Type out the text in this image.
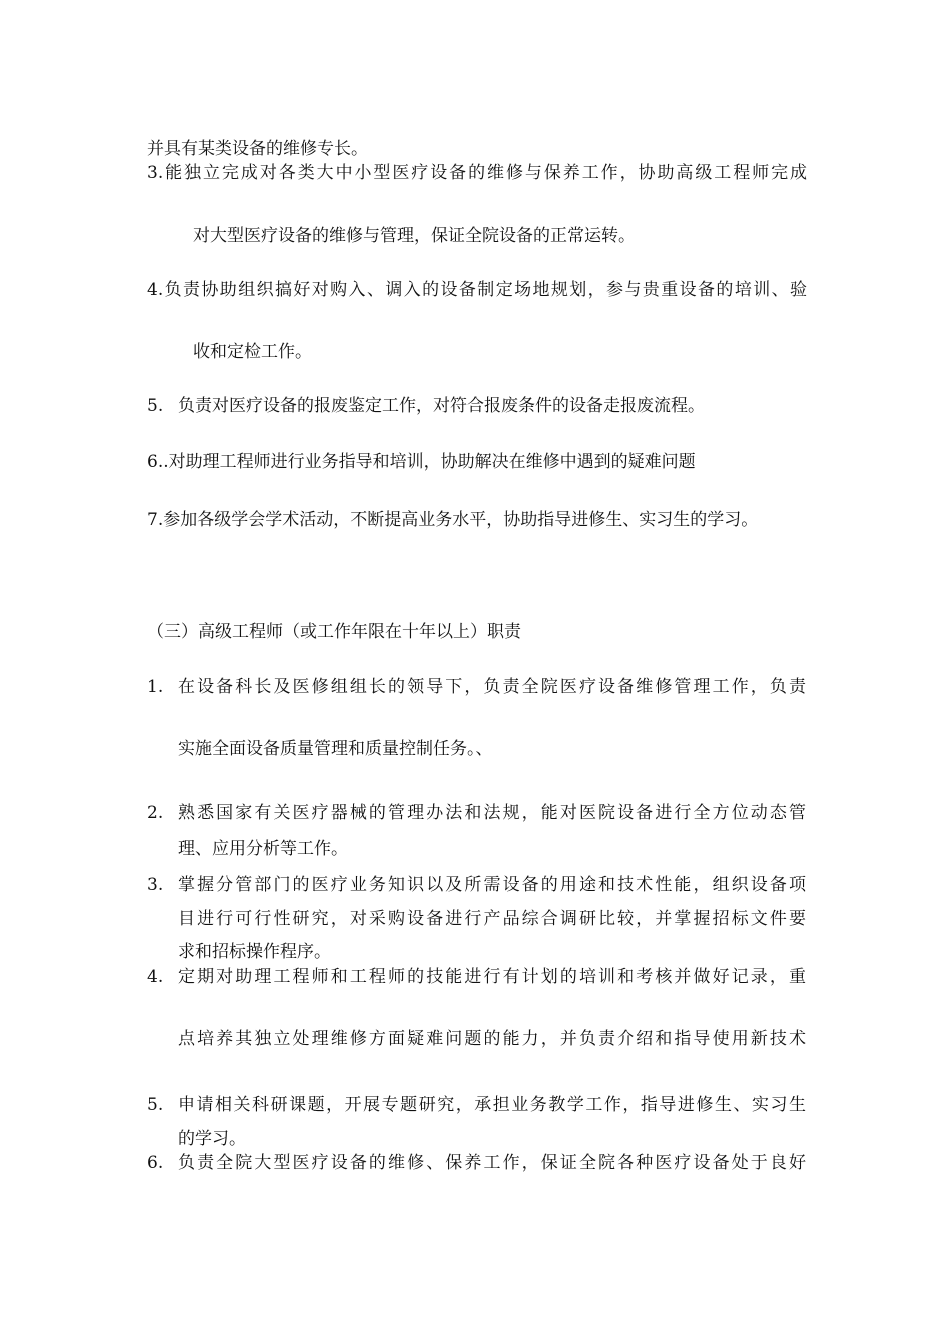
并具有某类设备的维修专长。
3.能独立完成对各类大中小型医疗设备的维修与保养工作，协助高级工程师完成
对大型医疗设备的维修与管理，保证全院设备的正常运转。
4.负责协助组织搞好对购入、调入的设备制定场地规划，参与贵重设备的培训、验
收和定检工作。
5. 负责对医疗设备的报废鉴定工作，对符合报废条件的设备走报废流程。
6..对助理工程师进行业务指导和培训，协助解决在维修中遇到的疑难问题
7.参加各级学会学术活动，不断提高业务水平，协助指导进修生、实习生的学习。
（三）高级工程师（或工作年限在十年以上）职责
1. 在设备科长及医修组组长的领导下，负责全院医疗设备维修管理工作，负责
实施全面设备质量管理和质量控制任务。、
2. 熟悉国家有关医疗器械的管理办法和法规，能对医院设备进行全方位动态管
理、应用分析等工作。
3. 掌握分管部门的医疗业务知识以及所需设备的用途和技术性能，组织设备项
目进行可行性研究，对采购设备进行产品综合调研比较，并掌握招标文件要
求和招标操作程序。
4. 定期对助理工程师和工程师的技能进行有计划的培训和考核并做好记录，重
点培养其独立处理维修方面疑难问题的能力，并负责介绍和指导使用新技术
5. 申请相关科研课题，开展专题研究，承担业务教学工作，指导进修生、实习生
的学习。
6. 负责全院大型医疗设备的维修、保养工作，保证全院各种医疗设备处于良好
